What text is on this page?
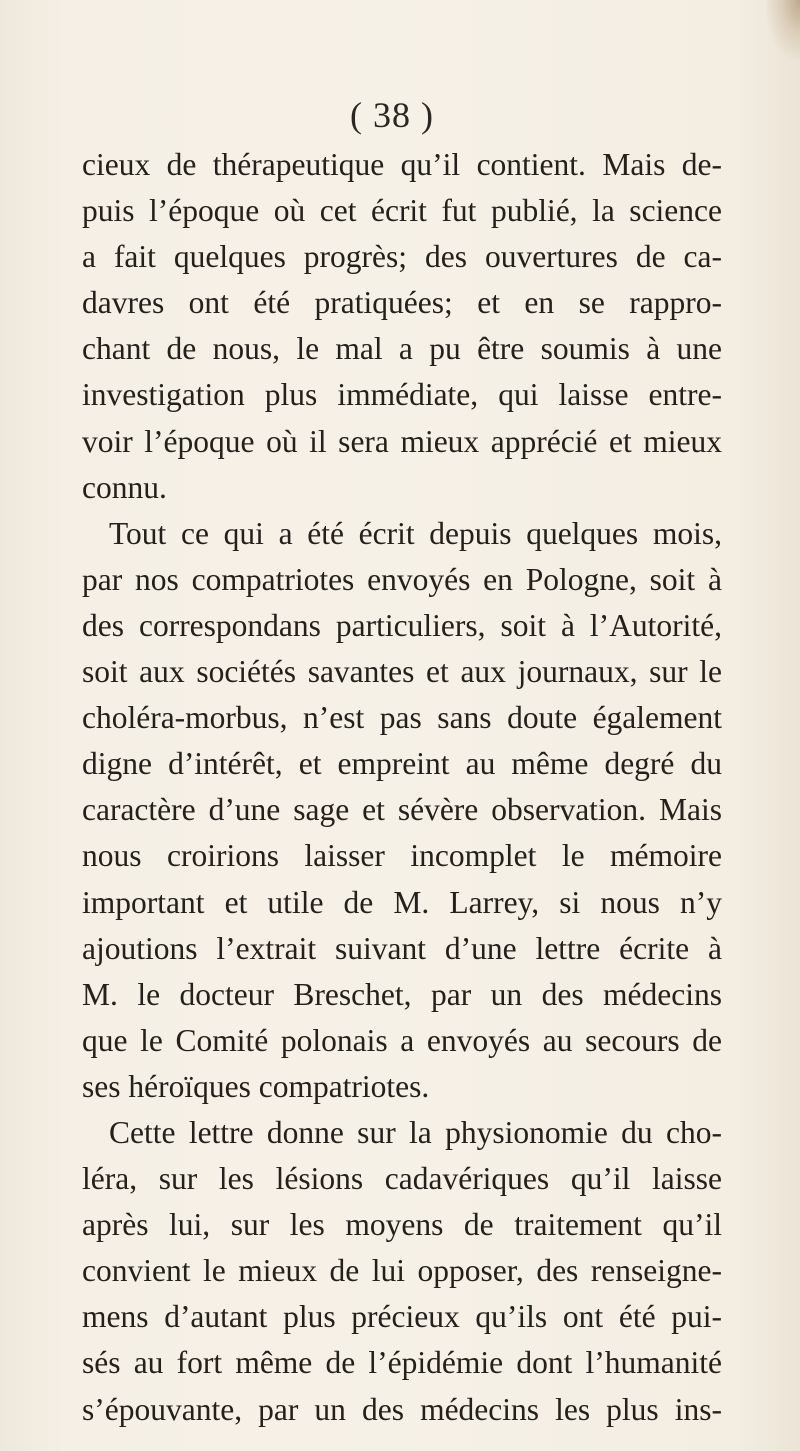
( 38 )
cieux de thérapeutique qu’il contient. Mais de-
puis l’époque où cet écrit fut publié, la science
a fait quelques progrès; des ouvertures de ca-
davres ont été pratiquées; et en se rappro-
chant de nous, le mal a pu être soumis à une
investigation plus immédiate, qui laisse entre-
voir l’époque où il sera mieux apprécié et mieux
connu.
Tout ce qui a été écrit depuis quelques mois,
par nos compatriotes envoyés en Pologne, soit à
des correspondans particuliers, soit à l’Autorité,
soit aux sociétés savantes et aux journaux, sur le
choléra-morbus, n’est pas sans doute également
digne d’intérêt, et empreint au même degré du
caractère d’une sage et sévère observation. Mais
nous croirions laisser incomplet le mémoire
important et utile de M. Larrey, si nous n’y
ajoutions l’extrait suivant d’une lettre écrite à
M. le docteur Breschet, par un des médecins
que le Comité polonais a envoyés au secours de
ses héroïques compatriotes.
Cette lettre donne sur la physionomie du cho-
léra, sur les lésions cadavériques qu’il laisse
après lui, sur les moyens de traitement qu’il
convient le mieux de lui opposer, des renseigne-
mens d’autant plus précieux qu’ils ont été pui-
sés au fort même de l’épidémie dont l’humanité
s’épouvante, par un des médecins les plus ins-
